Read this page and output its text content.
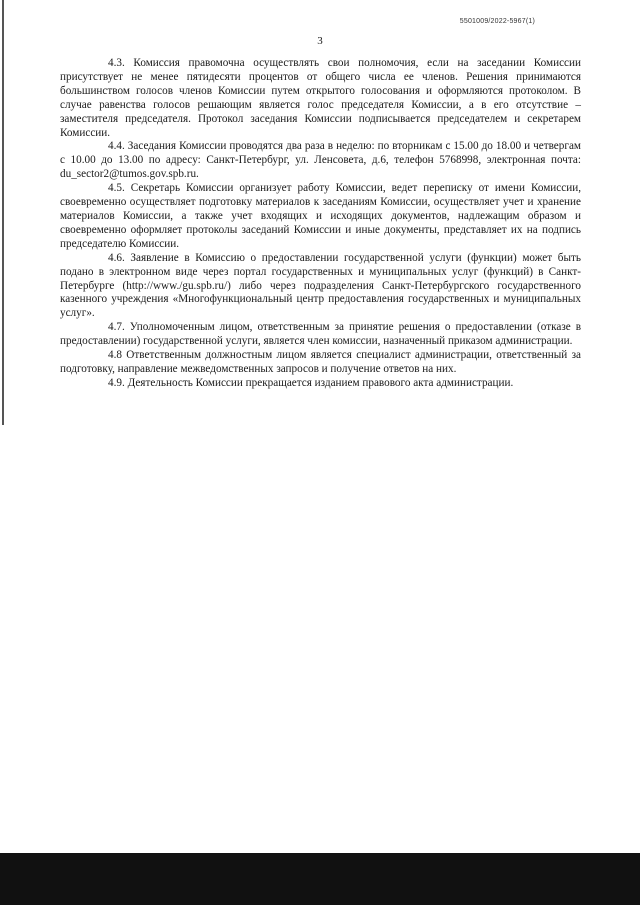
5501009/2022-5967(1)
3

4.3. Комиссия правомочна осуществлять свои полномочия, если на заседании Комиссии присутствует не менее пятидесяти процентов от общего числа ее членов. Решения принимаются большинством голосов членов Комиссии путем открытого голосования и оформляются протоколом. В случае равенства голосов решающим является голос председателя Комиссии, а в его отсутствие – заместителя председателя. Протокол заседания Комиссии подписывается председателем и секретарем Комиссии.

4.4. Заседания Комиссии проводятся два раза в неделю: по вторникам с 15.00 до 18.00 и четвергам с 10.00 до 13.00 по адресу: Санкт-Петербург, ул. Ленсовета, д.6, телефон 5768998, электронная почта: du_sector2@tumos.gov.spb.ru.

4.5. Секретарь Комиссии организует работу Комиссии, ведет переписку от имени Комиссии, своевременно осуществляет подготовку материалов к заседаниям Комиссии, осуществляет учет и хранение материалов Комиссии, а также учет входящих и исходящих документов, надлежащим образом и своевременно оформляет протоколы заседаний Комиссии и иные документы, представляет их на подпись председателю Комиссии.

4.6. Заявление в Комиссию о предоставлении государственной услуги (функции) может быть подано в электронном виде через портал государственных и муниципальных услуг (функций) в Санкт-Петербурге (http://www./gu.spb.ru/) либо через подразделения Санкт-Петербургского государственного казенного учреждения «Многофункциональный центр предоставления государственных и муниципальных услуг».

4.7. Уполномоченным лицом, ответственным за принятие решения о предоставлении (отказе в предоставлении) государственной услуги, является член комиссии, назначенный приказом администрации.

4.8 Ответственным должностным лицом является специалист администрации, ответственный за подготовку, направление межведомственных запросов и получение ответов на них.

4.9. Деятельность Комиссии прекращается изданием правового акта администрации.
